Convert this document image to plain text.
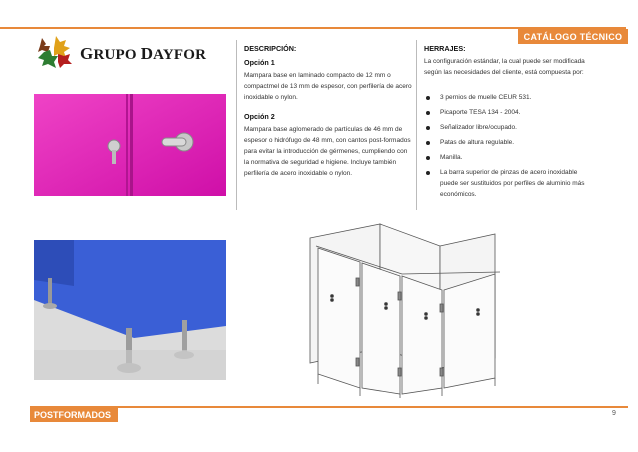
CATÁLOGO TÉCNICO
GRUPO DAYFOR	DESCRIPCIÓN:
Opción 1
Mampara base en laminado compacto de 12 mm o compactmel de 13 mm de espesor, con perfilería de acero inoxidable o nylon.
Opción 2
Mampara base aglomerado de partículas de 46 mm de espesor o hidrófugo de 48 mm, con cantos post-formados para evitar la introducción de gérmenes, cumpliendo con la normativa de seguridad e higiene. Incluye también perfilería de acero inoxidable o nylon.
HERRAJES:
La configuración estándar, la cual puede ser modificada según las necesidades del cliente, está compuesta por:
3 pernios de muelle CEUR 531.
Picaporte TESA 134 - 2004.
Señalizador libre/ocupado.
Patas de altura regulable.
Manilla.
La barra superior de pinzas de acero inoxidable puede ser sustituidos por perfiles de aluminio más económicos.
POSTFORMADOS	9
